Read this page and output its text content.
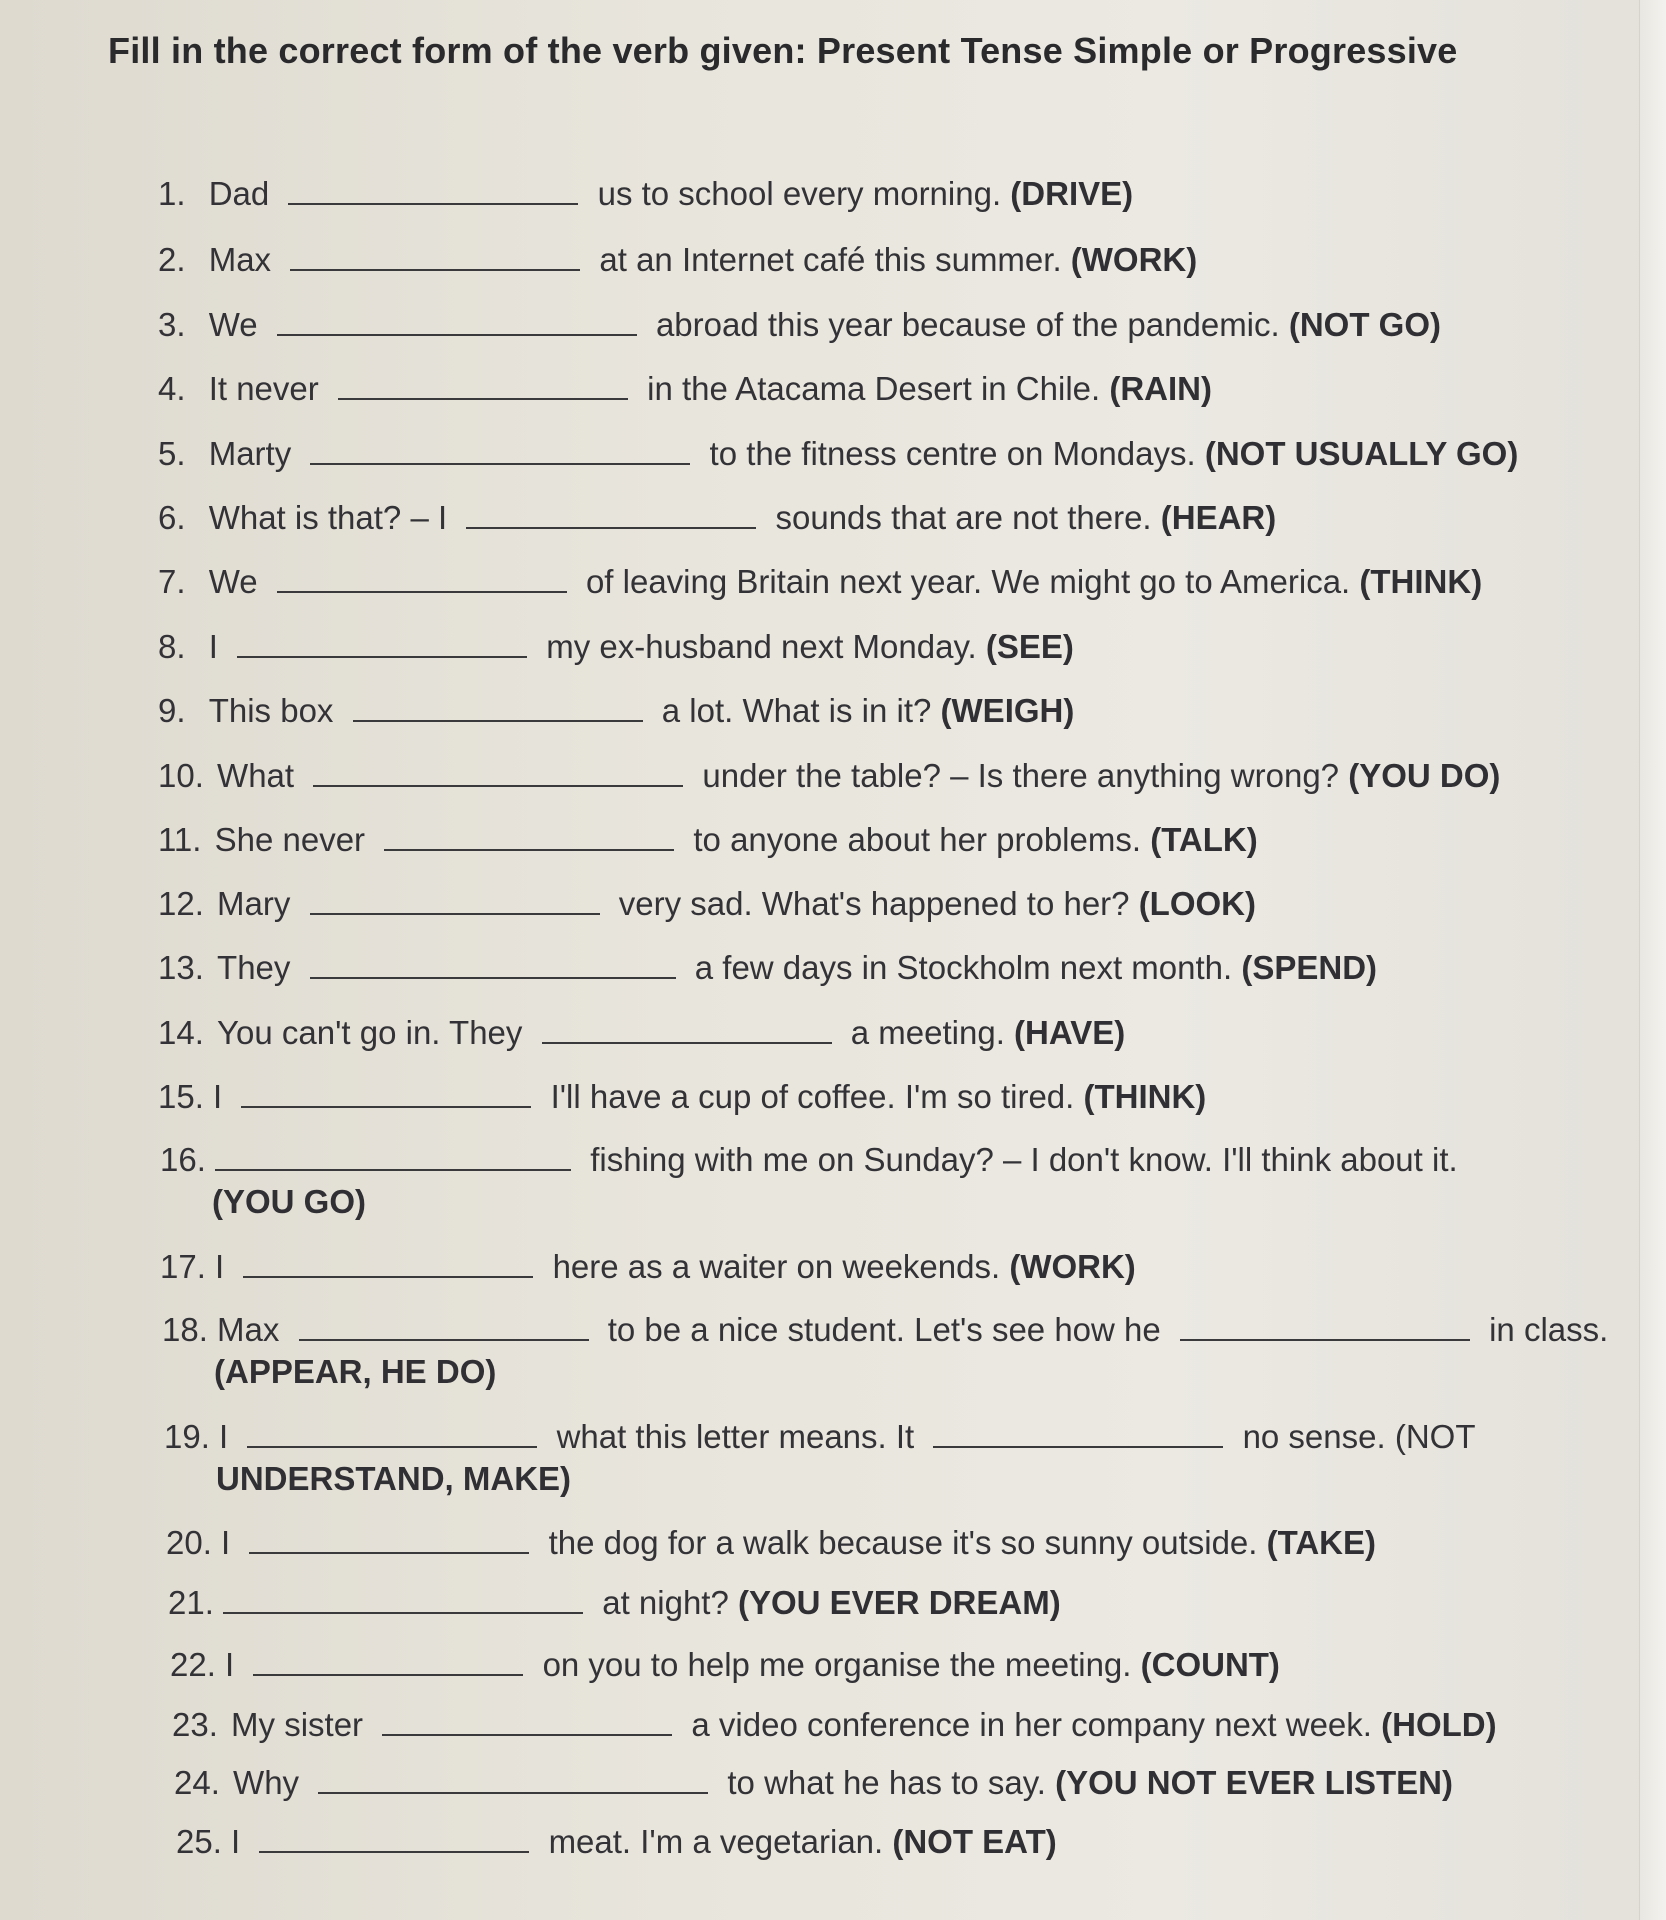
Fill in the correct form of the verb given: Present Tense Simple or Progressive
1. Dad	us to school every morning. (DRIVE)
2. Max	at an Internet café this summer. (WORK)
3. We	abroad this year because of the pandemic. (NOT GO)
4. It never	in the Atacama Desert in Chile. (RAIN)
5. Marty	to the fitness centre on Mondays. (NOT USUALLY GO)
6. What is that? – I	sounds that are not there. (HEAR)
7. We	of leaving Britain next year. We might go to America. (THINK)
8. I	my ex-husband next Monday. (SEE)
9. This box	a lot. What is in it? (WEIGH)
10. What	under the table? – Is there anything wrong? (YOU DO)
11. She never	to anyone about her problems. (TALK)
12. Mary	very sad. What's happened to her? (LOOK)
13. They	a few days in Stockholm next month. (SPEND)
14. You can't go in. They	a meeting. (HAVE)
15. I	I'll have a cup of coffee. I'm so tired. (THINK)
16.	fishing with me on Sunday? – I don't know. I'll think about it.
(YOU GO)
17. I	here as a waiter on weekends. (WORK)
18. Max	to be a nice student. Let's see how he	in class.
(APPEAR, HE DO)
19. I	what this letter means. It	no sense. (NOT
UNDERSTAND, MAKE)
20. I	the dog for a walk because it's so sunny outside. (TAKE)
21.	at night? (YOU EVER DREAM)
22. I	on you to help me organise the meeting. (COUNT)
23. My sister	a video conference in her company next week. (HOLD)
24. Why	to what he has to say. (YOU NOT EVER LISTEN)
25. I	meat. I'm a vegetarian. (NOT EAT)
